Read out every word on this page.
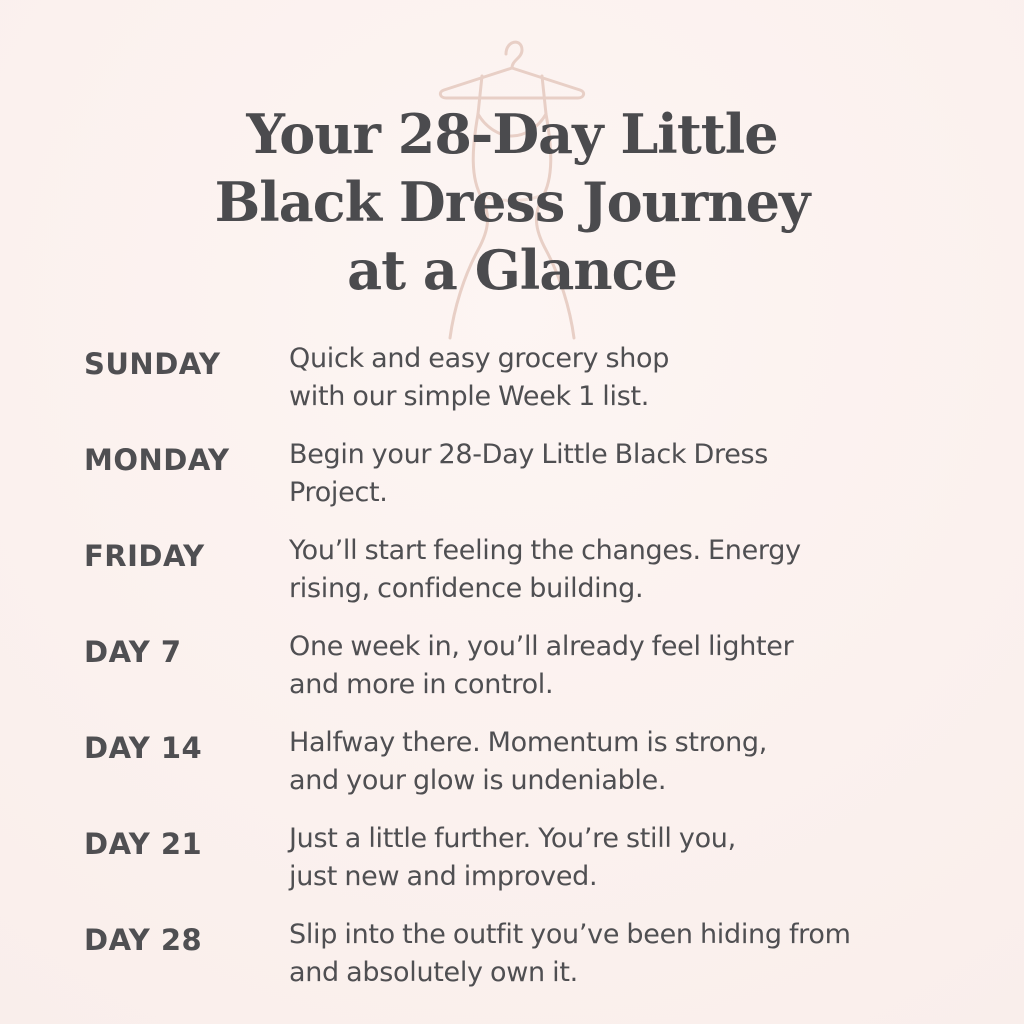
Your 28-Day Little
Black Dress Journey
at a Glance
SUNDAY	Quick and easy grocery shop
with our simple Week 1 list.
MONDAY	Begin your 28-Day Little Black Dress
Project.
FRIDAY	You’ll start feeling the changes. Energy
rising, confidence building.
DAY 7	One week in, you’ll already feel lighter
and more in control.
DAY 14	Halfway there. Momentum is strong,
and your glow is undeniable.
DAY 21	Just a little further. You’re still you,
just new and improved.
DAY 28	Slip into the outfit you’ve been hiding from
and absolutely own it.
